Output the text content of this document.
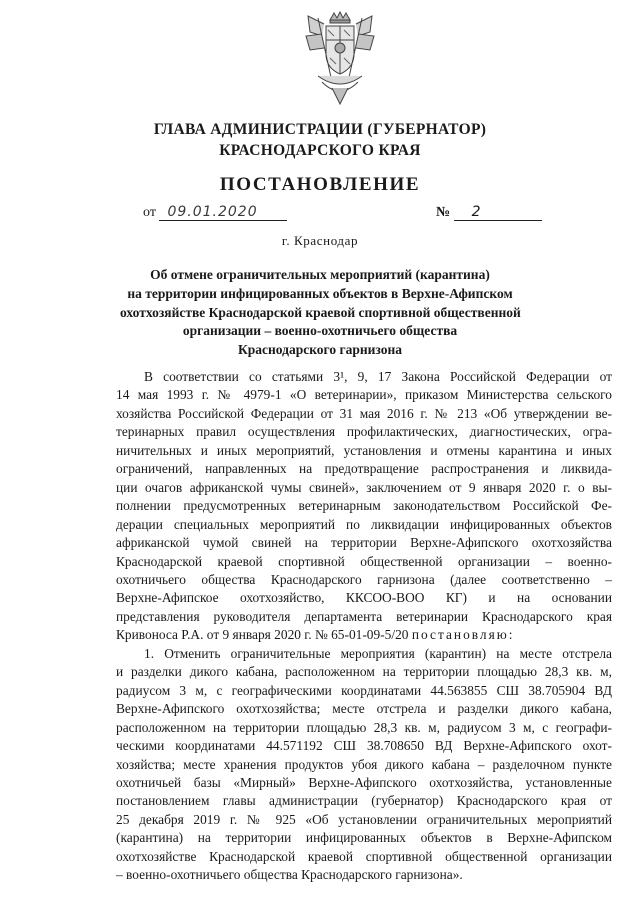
ГЛАВА АДМИНИСТРАЦИИ (ГУБЕРНАТОР)
КРАСНОДАРСКОГО КРАЯ
ПОСТАНОВЛЕНИЕ
от 09.01.2020	№ 2
г. Краснодар
Об отмене ограничительных мероприятий (карантина)
на территории инфицированных объектов в Верхне-Афипском
охотхозяйстве Краснодарской краевой спортивной общественной
организации – военно-охотничьего общества
Краснодарского гарнизона

В соответствии со статьями 3¹, 9, 17 Закона Российской Федерации от
14 мая 1993 г. № 4979-1 «О ветеринарии», приказом Министерства сельского
хозяйства Российской Федерации от 31 мая 2016 г. № 213 «Об утверждении ве-
теринарных правил осуществления профилактических, диагностических, огра-
ничительных и иных мероприятий, установления и отмены карантина и иных
ограничений, направленных на предотвращение распространения и ликвида-
ции очагов африканской чумы свиней», заключением от 9 января 2020 г. о вы-
полнении предусмотренных ветеринарным законодательством Российской Фе-
дерации специальных мероприятий по ликвидации инфицированных объектов
африканской чумой свиней на территории Верхне-Афипского охотхозяйства
Краснодарской краевой спортивной общественной организации – военно-
охотничьего общества Краснодарского гарнизона (далее соответственно –
Верхне-Афипское охотхозяйство, ККСОО-ВОО КГ) и на основании
представления руководителя департамента ветеринарии Краснодарского края
Кривоноса Р.А. от 9 января 2020 г. № 65-01-09-5/20 постановляю:

1. Отменить ограничительные мероприятия (карантин) на месте отстрела
и разделки дикого кабана, расположенном на территории площадью 28,3 кв. м,
радиусом 3 м, с географическими координатами 44.563855 СШ 38.705904 ВД
Верхне-Афипского охотхозяйства; месте отстрела и разделки дикого кабана,
расположенном на территории площадью 28,3 кв. м, радиусом 3 м, с географи-
ческими координатами 44.571192 СШ 38.708650 ВД Верхне-Афипского охот-
хозяйства; месте хранения продуктов убоя дикого кабана – разделочном пункте
охотничьей базы «Мирный» Верхне-Афипского охотхозяйства, установленные
постановлением главы администрации (губернатор) Краснодарского края от
25 декабря 2019 г. № 925 «Об установлении ограничительных мероприятий
(карантина) на территории инфицированных объектов в Верхне-Афипском
охотхозяйстве Краснодарской краевой спортивной общественной организации
– военно-охотничьего общества Краснодарского гарнизона».
